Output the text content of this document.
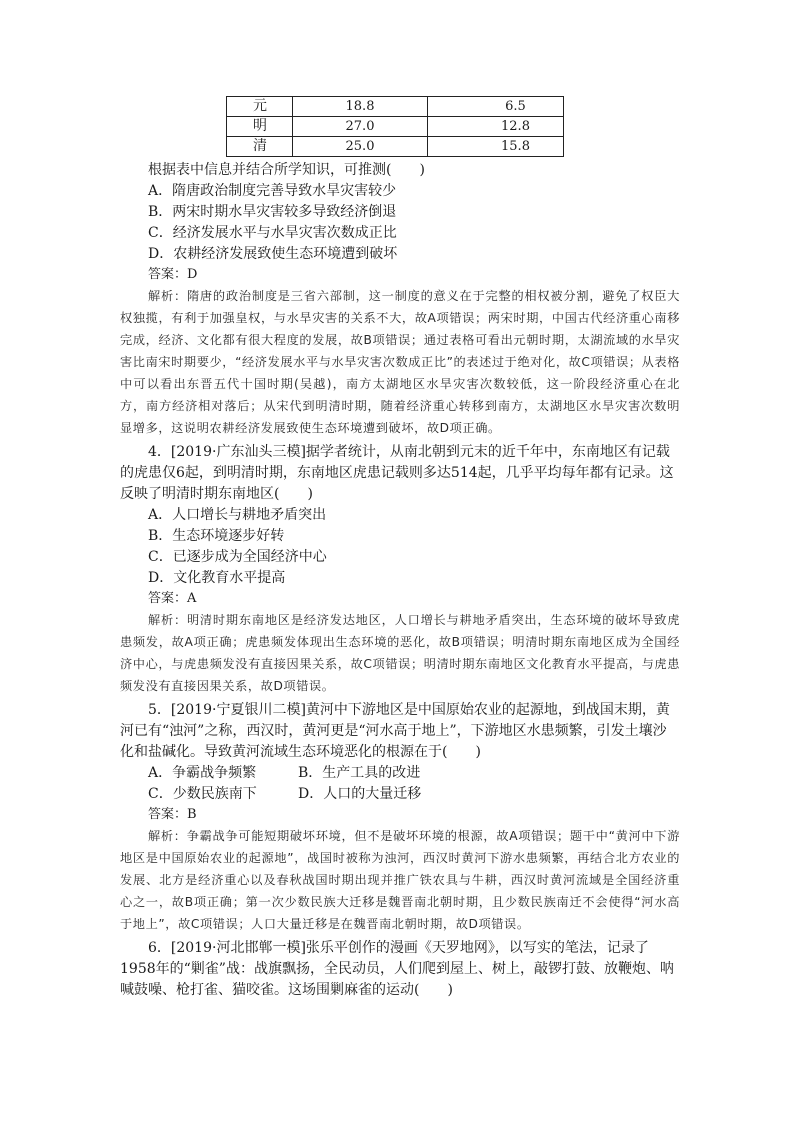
元	18.8	6.5
明	27.0	12.8
清	25.0	15.8

根据表中信息并结合所学知识，可推测(　　)

A．隋唐政治制度完善导致水旱灾害较少

B．两宋时期水旱灾害较多导致经济倒退

C．经济发展水平与水旱灾害次数成正比

D．农耕经济发展致使生态环境遭到破坏

答案：D

解析：隋唐的政治制度是三省六部制，这一制度的意义在于完整的相权被分割，避免了权臣大权独揽，有利于加强皇权，与水旱灾害的关系不大，故A项错误；两宋时期，中国古代经济重心南移完成，经济、文化都有很大程度的发展，故B项错误；通过表格可看出元朝时期，太湖流域的水旱灾害比南宋时期要少，“经济发展水平与水旱灾害次数成正比”的表述过于绝对化，故C项错误；从表格中可以看出东晋五代十国时期(吴越)，南方太湖地区水旱灾害次数较低，这一阶段经济重心在北方，南方经济相对落后；从宋代到明清时期，随着经济重心转移到南方，太湖地区水旱灾害次数明显增多，这说明农耕经济发展致使生态环境遭到破坏，故D项正确。

4．[2019·广东汕头三模]据学者统计，从南北朝到元末的近千年中，东南地区有记载的虎患仅6起，到明清时期，东南地区虎患记载则多达514起，几乎平均每年都有记录。这反映了明清时期东南地区(　　)

A．人口增长与耕地矛盾突出

B．生态环境逐步好转

C．已逐步成为全国经济中心

D．文化教育水平提高

答案：A

解析：明清时期东南地区是经济发达地区，人口增长与耕地矛盾突出，生态环境的破坏导致虎患频发，故A项正确；虎患频发体现出生态环境的恶化，故B项错误；明清时期东南地区成为全国经济中心，与虎患频发没有直接因果关系，故C项错误；明清时期东南地区文化教育水平提高，与虎患频发没有直接因果关系，故D项错误。

5．[2019·宁夏银川二模]黄河中下游地区是中国原始农业的起源地，到战国末期，黄河已有“浊河”之称，西汉时，黄河更是“河水高于地上”，下游地区水患频繁，引发土壤沙化和盐碱化。导致黄河流域生态环境恶化的根源在于(　　)

A．争霸战争频繁	B．生产工具的改进
C．少数民族南下	D．人口的大量迁移

答案：B

解析：争霸战争可能短期破坏环境，但不是破坏环境的根源，故A项错误；题干中“黄河中下游地区是中国原始农业的起源地”，战国时被称为浊河，西汉时黄河下游水患频繁，再结合北方农业的发展、北方是经济重心以及春秋战国时期出现并推广铁农具与牛耕，西汉时黄河流域是全国经济重心之一，故B项正确；第一次少数民族大迁移是魏晋南北朝时期，且少数民族南迁不会使得“河水高于地上”，故C项错误；人口大量迁移是在魏晋南北朝时期，故D项错误。

6．[2019·河北邯郸一模]张乐平创作的漫画《天罗地网》，以写实的笔法，记录了1958年的“剿雀”战：战旗飘扬，全民动员，人们爬到屋上、树上，敲锣打鼓、放鞭炮、呐喊鼓噪、枪打雀、猫咬雀。这场围剿麻雀的运动(　　)
